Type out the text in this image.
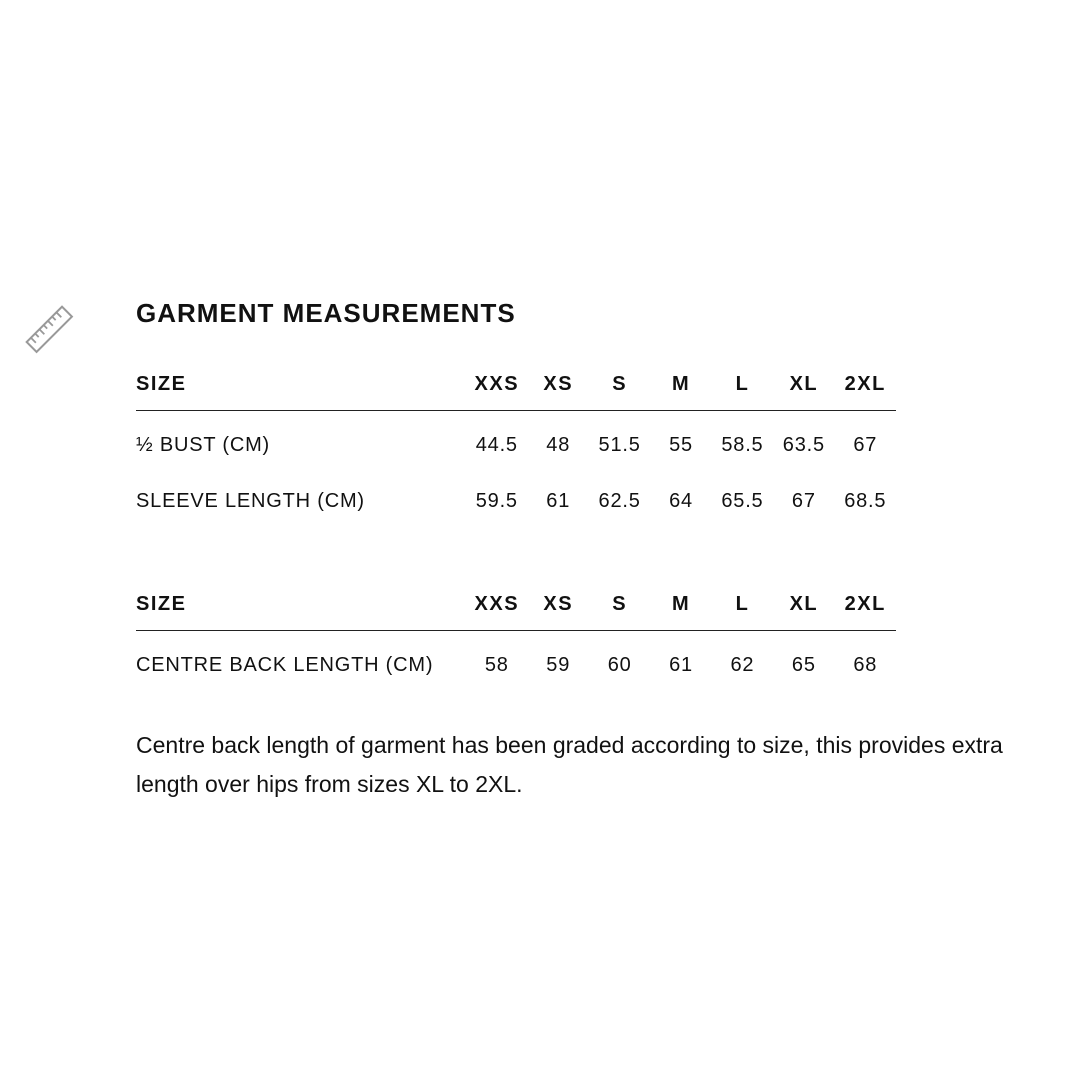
GARMENT MEASUREMENTS
SIZE	XXS	XS	S	M	L	XL	2XL
½ BUST (CM)	44.5	48	51.5	55	58.5	63.5	67
SLEEVE LENGTH (CM)	59.5	61	62.5	64	65.5	67	68.5
SIZE	XXS	XS	S	M	L	XL	2XL
CENTRE BACK LENGTH (CM)	58	59	60	61	62	65	68

Centre back length of garment has been graded according to size, this provides extra length over hips from sizes XL to 2XL.
